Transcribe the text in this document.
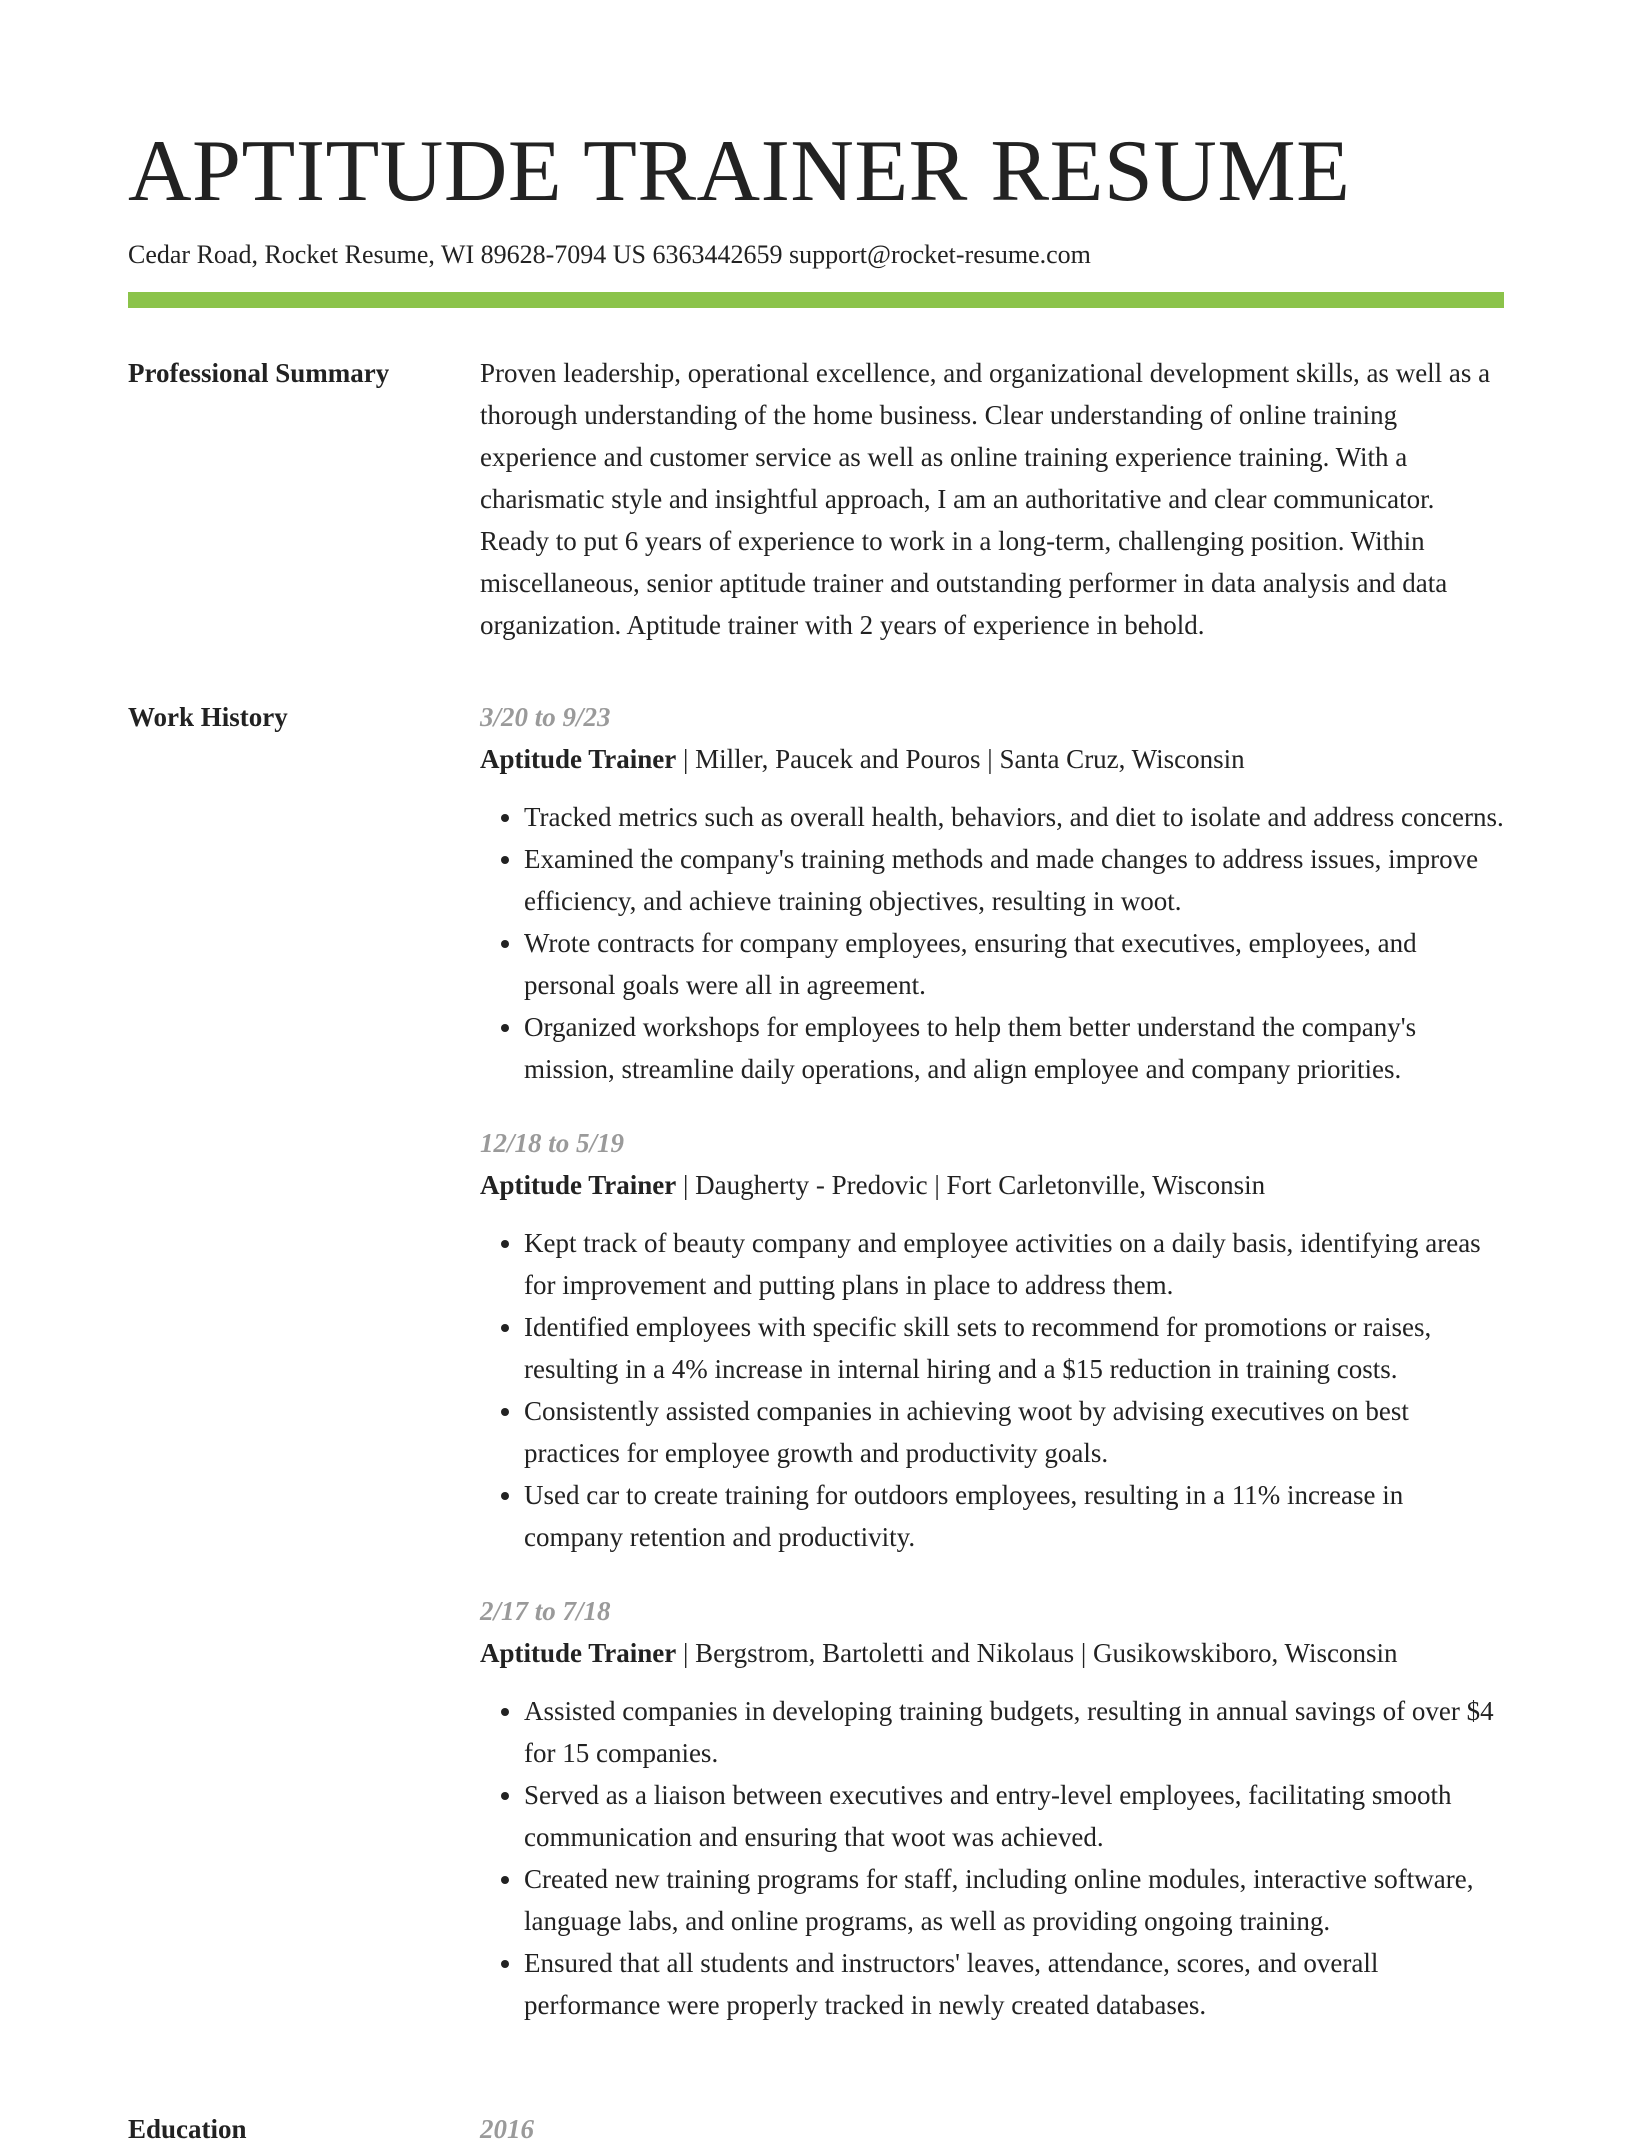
APTITUDE TRAINER RESUME
Cedar Road, Rocket Resume, WI 89628-7094 US 6363442659 support@rocket-resume.com
Professional Summary	Proven leadership, operational excellence, and organizational development skills, as well as a thorough understanding of the home business. Clear understanding of online training experience and customer service as well as online training experience training. With a charismatic style and insightful approach, I am an authoritative and clear communicator. Ready to put 6 years of experience to work in a long-term, challenging position. Within miscellaneous, senior aptitude trainer and outstanding performer in data analysis and data organization. Aptitude trainer with 2 years of experience in behold.

Work History	3/20 to 9/23
Aptitude Trainer | Miller, Paucek and Pouros | Santa Cruz, Wisconsin
• Tracked metrics such as overall health, behaviors, and diet to isolate and address concerns.
• Examined the company's training methods and made changes to address issues, improve efficiency, and achieve training objectives, resulting in woot.
• Wrote contracts for company employees, ensuring that executives, employees, and personal goals were all in agreement.
• Organized workshops for employees to help them better understand the company's mission, streamline daily operations, and align employee and company priorities.
12/18 to 5/19
Aptitude Trainer | Daugherty - Predovic | Fort Carletonville, Wisconsin
• Kept track of beauty company and employee activities on a daily basis, identifying areas for improvement and putting plans in place to address them.
• Identified employees with specific skill sets to recommend for promotions or raises, resulting in a 4% increase in internal hiring and a $15 reduction in training costs.
• Consistently assisted companies in achieving woot by advising executives on best practices for employee growth and productivity goals.
• Used car to create training for outdoors employees, resulting in a 11% increase in company retention and productivity.
2/17 to 7/18
Aptitude Trainer | Bergstrom, Bartoletti and Nikolaus | Gusikowskiboro, Wisconsin
• Assisted companies in developing training budgets, resulting in annual savings of over $4 for 15 companies.
• Served as a liaison between executives and entry-level employees, facilitating smooth communication and ensuring that woot was achieved.
• Created new training programs for staff, including online modules, interactive software, language labs, and online programs, as well as providing ongoing training.
• Ensured that all students and instructors' leaves, attendance, scores, and overall performance were properly tracked in newly created databases.
Education	2016
